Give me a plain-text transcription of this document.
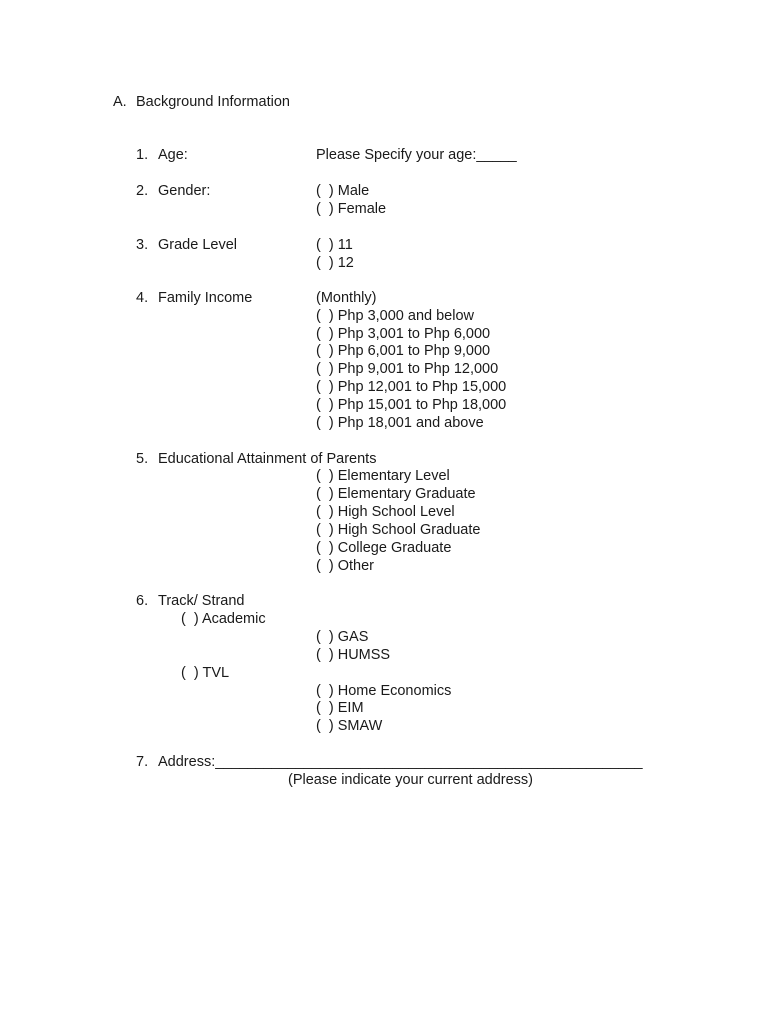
A. Background Information
1. Age:	Please Specify your age:_____
2. Gender:	(  ) Male
(  ) Female
3. Grade Level	(  ) 11
(  ) 12
4. Family Income	(Monthly)
(  ) Php 3,000 and below
(  ) Php 3,001 to Php 6,000
(  ) Php 6,001 to Php 9,000
(  ) Php 9,001 to Php 12,000
(  ) Php 12,001 to Php 15,000
(  ) Php 15,001 to Php 18,000
(  ) Php 18,001 and above
5. Educational Attainment of Parents
(  ) Elementary Level
(  ) Elementary Graduate
(  ) High School Level
(  ) High School Graduate
(  ) College Graduate
(  ) Other
6. Track/ Strand
(  ) Academic
(  ) GAS
(  ) HUMSS
(  ) TVL
(  ) Home Economics
(  ) EIM
(  ) SMAW
7. Address:_____________________________________________________
(Please indicate your current address)
